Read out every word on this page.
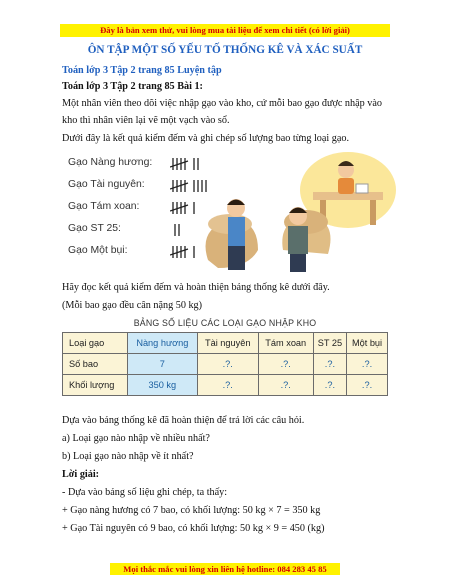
Đây là bản xem thử, vui lòng mua tài liệu để xem chi tiết (có lời giải)
ÔN TẬP MỘT SỐ YẾU TỐ THỐNG KÊ VÀ XÁC SUẤT
Toán lớp 3 Tập 2 trang 85 Luyện tập
Toán lớp 3 Tập 2 trang 85 Bài 1:
Một nhân viên theo dõi việc nhập gạo vào kho, cứ mỗi bao gạo được nhập vào
kho thì nhân viên lại vẽ một vạch vào sổ.
Dưới đây là kết quả kiểm đếm và ghi chép số lượng bao từng loại gạo.
Gạo Nàng hương:
Gạo Tài nguyên:
Gạo Tám xoan:
Gạo ST 25:
Gạo Một bụi:
Hãy đọc kết quả kiểm đếm và hoàn thiện bảng thống kê dưới đây.
(Mỗi bao gạo đều cân nặng 50 kg)
BẢNG SỐ LIỆU CÁC LOẠI GẠO NHẬP KHO
Loại gạo	Nàng hương	Tài nguyên	Tám xoan	ST 25	Một bụi
Số bao	7	.?.	.?.	.?.	.?.
Khối lượng	350 kg	.?.	.?.	.?.	.?.
Dựa vào bảng thống kê đã hoàn thiện để trả lời các câu hỏi.
a) Loại gạo nào nhập về nhiều nhất?
b) Loại gạo nào nhập về ít nhất?
Lời giải:
- Dựa vào bảng số liệu ghi chép, ta thấy:
+ Gạo nàng hương có 7 bao, có khối lượng: 50 kg × 7 = 350 kg
+ Gạo Tài nguyên có 9 bao, có khối lượng: 50 kg × 9 = 450 (kg)
Mọi thắc mắc vui lòng xin liên hệ hotline: 084 283 45 85
